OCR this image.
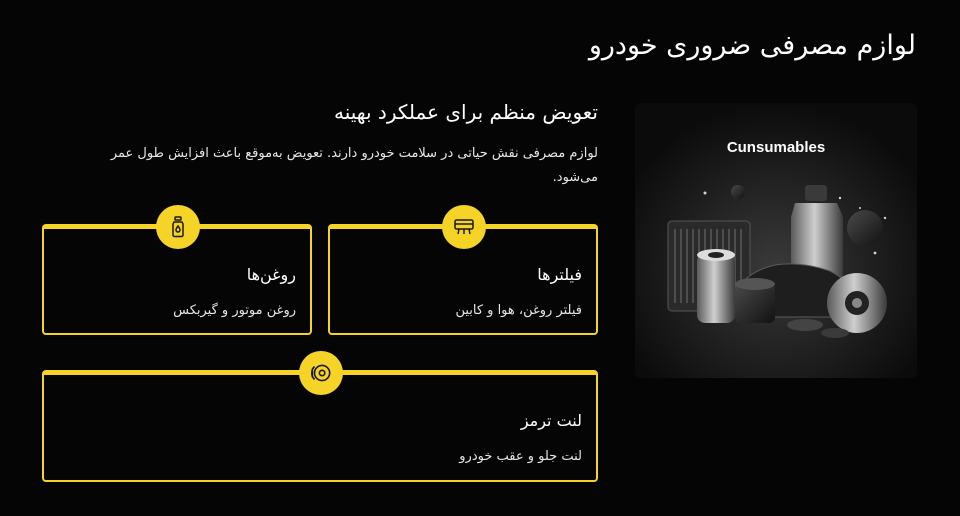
لوازم مصرفی ضروری خودرو
تعویض منظم برای عملکرد بهینه

لوازم مصرفی نقش حیاتی در سلامت خودرو دارند. تعویض به‌موقع باعث افزایش طول عمر می‌شود.

فیلترها
فیلتر روغن، هوا و کابین
روغن‌ها
روغن موتور و گیربکس
لنت ترمز
لنت جلو و عقب خودرو
Cunsumables
